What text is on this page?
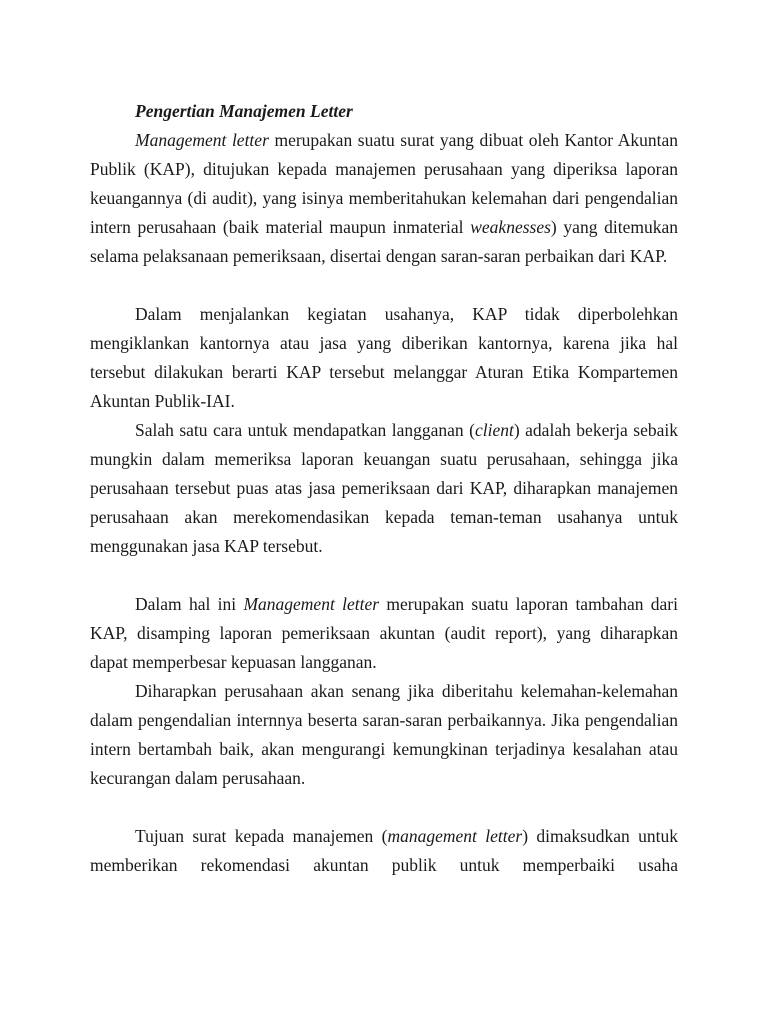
Pengertian Manajemen Letter

Management letter merupakan suatu surat yang dibuat oleh Kantor Akuntan Publik (KAP), ditujukan kepada manajemen perusahaan yang diperiksa laporan keuangannya (di audit), yang isinya memberitahukan kelemahan dari pengendalian intern perusahaan (baik material maupun inmaterial weaknesses) yang ditemukan selama pelaksanaan pemeriksaan, disertai dengan saran-saran perbaikan dari KAP.

Dalam menjalankan kegiatan usahanya, KAP tidak diperbolehkan mengiklankan kantornya atau jasa yang diberikan kantornya, karena jika hal tersebut dilakukan berarti KAP tersebut melanggar Aturan Etika Kompartemen Akuntan Publik-IAI.

Salah satu cara untuk mendapatkan langganan (client) adalah bekerja sebaik mungkin dalam memeriksa laporan keuangan suatu perusahaan, sehingga jika perusahaan tersebut puas atas jasa pemeriksaan dari KAP, diharapkan manajemen perusahaan akan merekomendasikan kepada teman-teman usahanya untuk menggunakan jasa KAP tersebut.

Dalam hal ini Management letter merupakan suatu laporan tambahan dari KAP, disamping laporan pemeriksaan akuntan (audit report), yang diharapkan dapat memperbesar kepuasan langganan.

Diharapkan perusahaan akan senang jika diberitahu kelemahan-kelemahan dalam pengendalian internnya beserta saran-saran perbaikannya. Jika pengendalian intern bertambah baik, akan mengurangi kemungkinan terjadinya kesalahan atau kecurangan dalam perusahaan.

Tujuan surat kepada manajemen (management letter) dimaksudkan untuk memberikan rekomendasi akuntan publik untuk memperbaiki usaha
